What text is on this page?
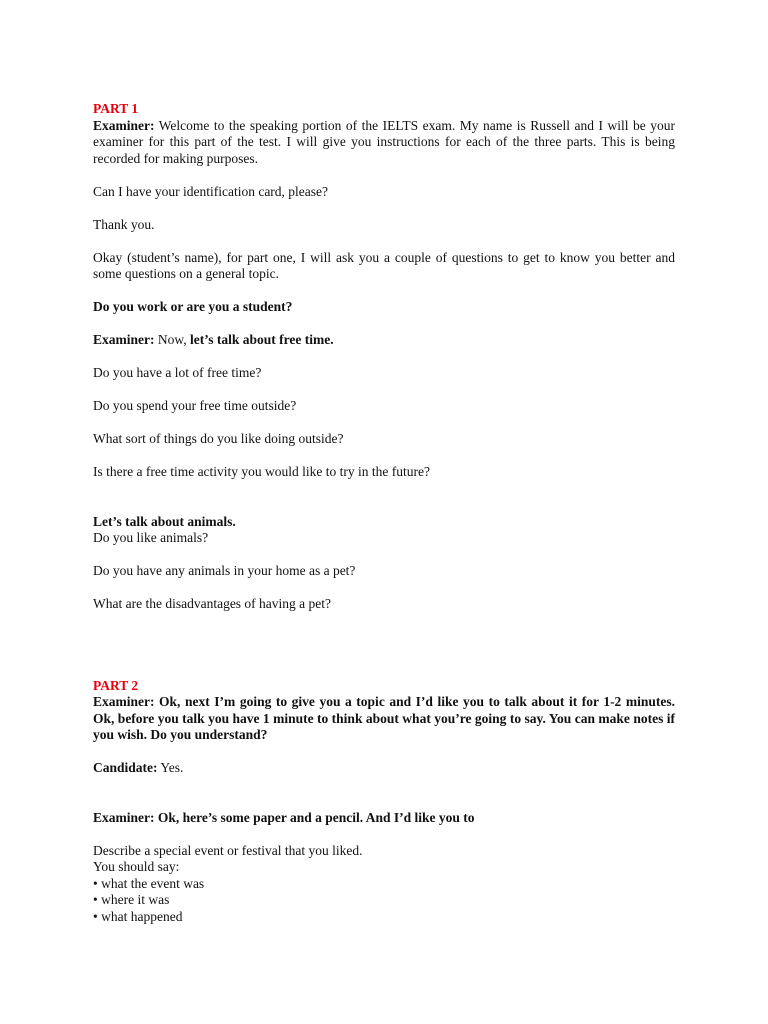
PART 1

Examiner: Welcome to the speaking portion of the IELTS exam. My name is Russell and I will be your examiner for this part of the test. I will give you instructions for each of the three parts. This is being recorded for making purposes.

Can I have your identification card, please?

Thank you.

Okay (student’s name), for part one, I will ask you a couple of questions to get to know you better and some questions on a general topic.

Do you work or are you a student?

Examiner: Now, let’s talk about free time.

Do you have a lot of free time?

Do you spend your free time outside?

What sort of things do you like doing outside?

Is there a free time activity you would like to try in the future?

Let’s talk about animals.

Do you like animals?

Do you have any animals in your home as a pet?

What are the disadvantages of having a pet?

PART 2

Examiner: Ok, next I’m going to give you a topic and I’d like you to talk about it for 1-2 minutes. Ok, before you talk you have 1 minute to think about what you’re going to say. You can make notes if you wish. Do you understand?

Candidate: Yes.

Examiner: Ok, here’s some paper and a pencil. And I’d like you to

Describe a special event or festival that you liked.

You should say:

• what the event was

• where it was

• what happened
